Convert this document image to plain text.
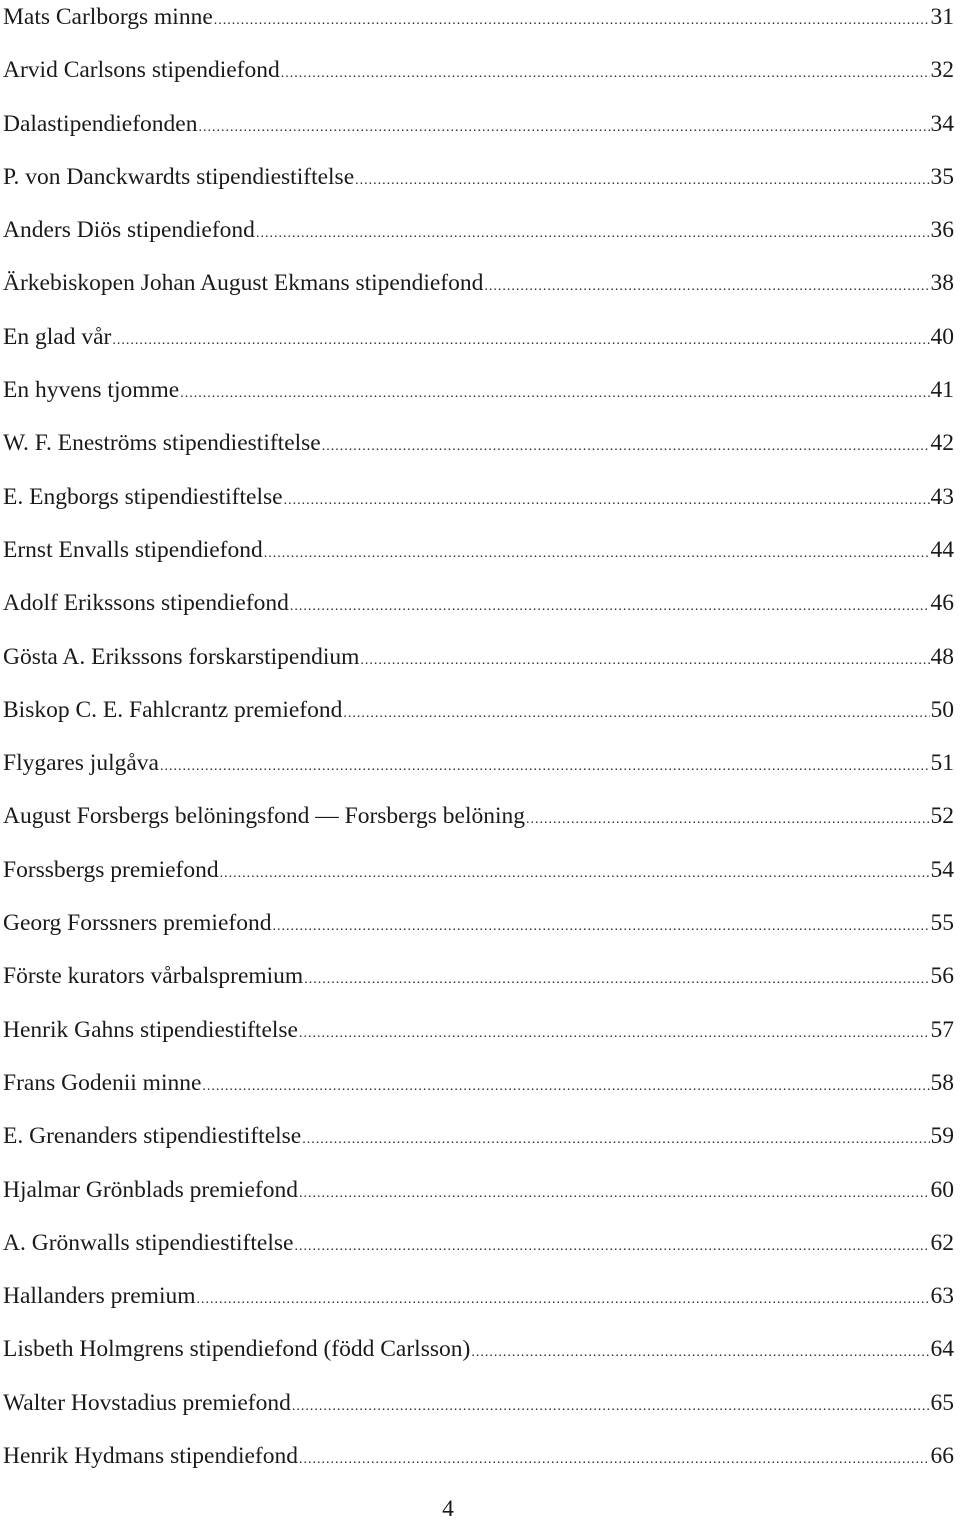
Mats Carlborgs minne .....	31
Arvid Carlsons stipendiefond .....	32
Dalastipendiefonden .....	34
P. von Danckwardts stipendiestiftelse .....	35
Anders Diös stipendiefond .....	36
Ärkebiskopen Johan August Ekmans stipendiefond .....	38
En glad vår .....	40
En hyvens tjomme .....	41
W. F. Eneströms stipendiestiftelse .....	42
E. Engborgs stipendiestiftelse .....	43
Ernst Envalls stipendiefond .....	44
Adolf Erikssons stipendiefond .....	46
Gösta A. Erikssons forskarstipendium .....	48
Biskop C. E. Fahlcrantz premiefond .....	50
Flygares julgåva .....	51
August Forsbergs belöningsfond — Forsbergs belöning .....	52
Forssbergs premiefond .....	54
Georg Forssners premiefond .....	55
Förste kurators vårbalspremium .....	56
Henrik Gahns stipendiestiftelse .....	57
Frans Godenii minne .....	58
E. Grenanders stipendiestiftelse .....	59
Hjalmar Grönblads premiefond .....	60
A. Grönwalls stipendiestiftelse .....	62
Hallanders premium .....	63
Lisbeth Holmgrens stipendiefond (född Carlsson) .....	64
Walter Hovstadius premiefond .....	65
Henrik Hydmans stipendiefond .....	66
4
